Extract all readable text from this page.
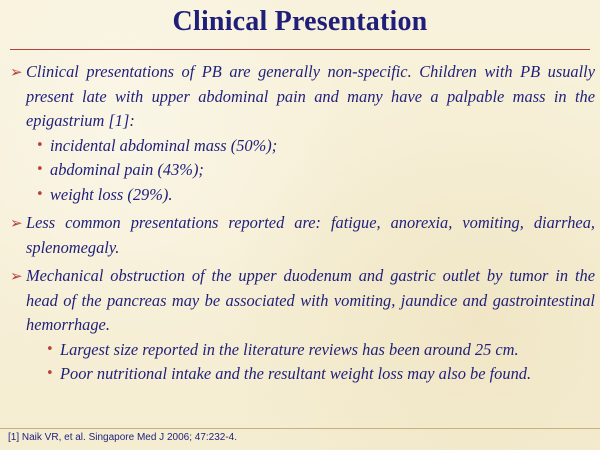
Clinical Presentation
➢ Clinical presentations of PB are generally non-specific. Children with PB usually present late with upper abdominal pain and many have a palpable mass in the epigastrium [1]:
• incidental abdominal mass (50%);
• abdominal pain (43%);
• weight loss (29%).
➢ Less common presentations reported are: fatigue, anorexia, vomiting, diarrhea, splenomegaly.
➢ Mechanical obstruction of the upper duodenum and gastric outlet by tumor in the head of the pancreas may be associated with vomiting, jaundice and gastrointestinal hemorrhage.
• Largest size reported in the literature reviews has been around 25 cm.
• Poor nutritional intake and the resultant weight loss may also be found.
[1] Naik VR, et al. Singapore Med J 2006; 47:232-4.
